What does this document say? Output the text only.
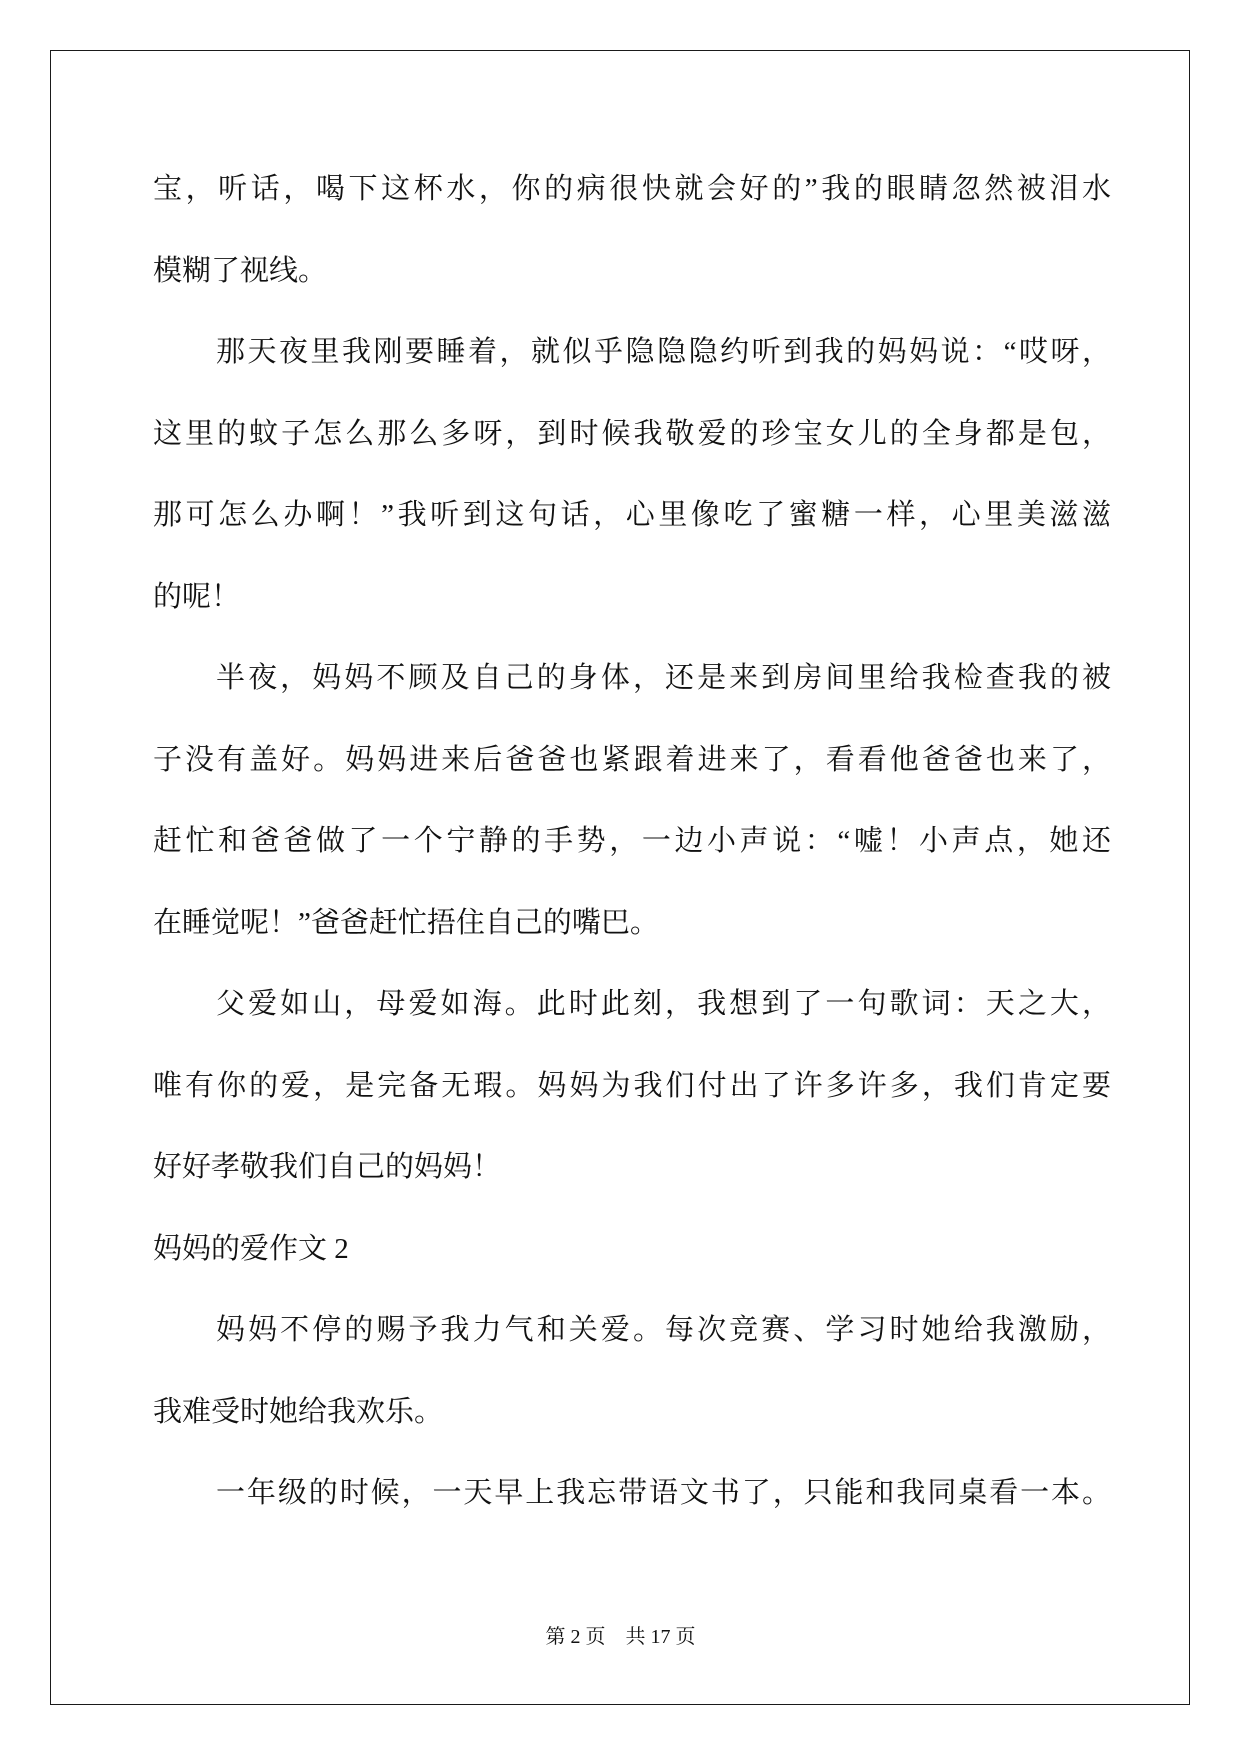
宝，听话，喝下这杯水，你的病很快就会好的”我的眼睛忽然被泪水
模糊了视线。
那天夜里我刚要睡着，就似乎隐隐隐约听到我的妈妈说：“哎呀，
这里的蚊子怎么那么多呀，到时候我敬爱的珍宝女儿的全身都是包，
那可怎么办啊！”我听到这句话，心里像吃了蜜糖一样，心里美滋滋
的呢！
半夜，妈妈不顾及自己的身体，还是来到房间里给我检查我的被
子没有盖好。妈妈进来后爸爸也紧跟着进来了，看看他爸爸也来了，
赶忙和爸爸做了一个宁静的手势，一边小声说：“嘘！小声点，她还
在睡觉呢！”爸爸赶忙捂住自己的嘴巴。
父爱如山，母爱如海。此时此刻，我想到了一句歌词：天之大，
唯有你的爱，是完备无瑕。妈妈为我们付出了许多许多，我们肯定要
好好孝敬我们自己的妈妈！
妈妈的爱作文 2
妈妈不停的赐予我力气和关爱。每次竞赛、学习时她给我激励，
我难受时她给我欢乐。
一年级的时候，一天早上我忘带语文书了，只能和我同桌看一本。
第 2 页 共 17 页
